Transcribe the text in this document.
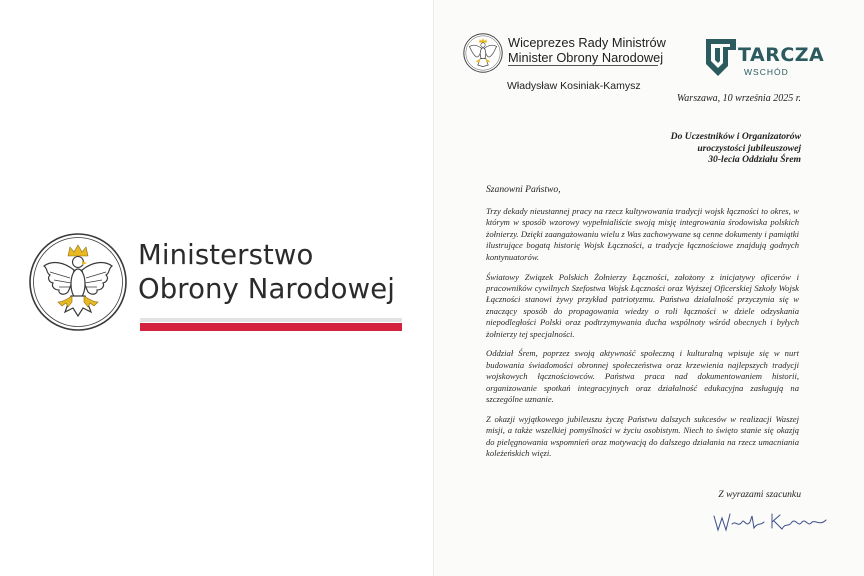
Ministerstwo
Obrony Narodowej
Wiceprezes Rady Ministrów
Minister Obrony Narodowej
Władysław Kosiniak-Kamysz
TARCZA
WSCHÓD
Warszawa, 10 września 2025 r.
Do Uczestników i Organizatorów
uroczystości jubileuszowej
30-lecia Oddziału Śrem
Szanowni Państwo,

Trzy dekady nieustannej pracy na rzecz kultywowania tradycji wojsk łączności to okres, w którym w sposób wzorowy wypełnialiście swoją misję integrowania środowiska polskich żołnierzy. Dzięki zaangażowaniu wielu z Was zachowywane są cenne dokumenty i pamiątki ilustrujące bogatą historię Wojsk Łączności, a tradycje łącznościowe znajdują godnych kontynuatorów.

Światowy Związek Polskich Żołnierzy Łączności, założony z inicjatywy oficerów i pracowników cywilnych Szefostwa Wojsk Łączności oraz Wyższej Oficerskiej Szkoły Wojsk Łączności stanowi żywy przykład patriotyzmu. Państwa działalność przyczynia się w znaczący sposób do propagowania wiedzy o roli łączności w dziele odzyskania niepodległości Polski oraz podtrzymywania ducha wspólnoty wśród obecnych i byłych żołnierzy tej specjalności.

Oddział Śrem, poprzez swoją aktywność społeczną i kulturalną wpisuje się w nurt budowania świadomości obronnej społeczeństwa oraz krzewienia najlepszych tradycji wojskowych łącznościowców. Państwa praca nad dokumentowaniem historii, organizowanie spotkań integracyjnych oraz działalność edukacyjna zasługują na szczególne uznanie.

Z okazji wyjątkowego jubileuszu życzę Państwu dalszych sukcesów w realizacji Waszej misji, a także wszelkiej pomyślności w życiu osobistym. Niech to święto stanie się okazją do pielęgnowania wspomnień oraz motywacją do dalszego działania na rzecz umacniania koleżeńskich więzi.

Z wyrazami szacunku
